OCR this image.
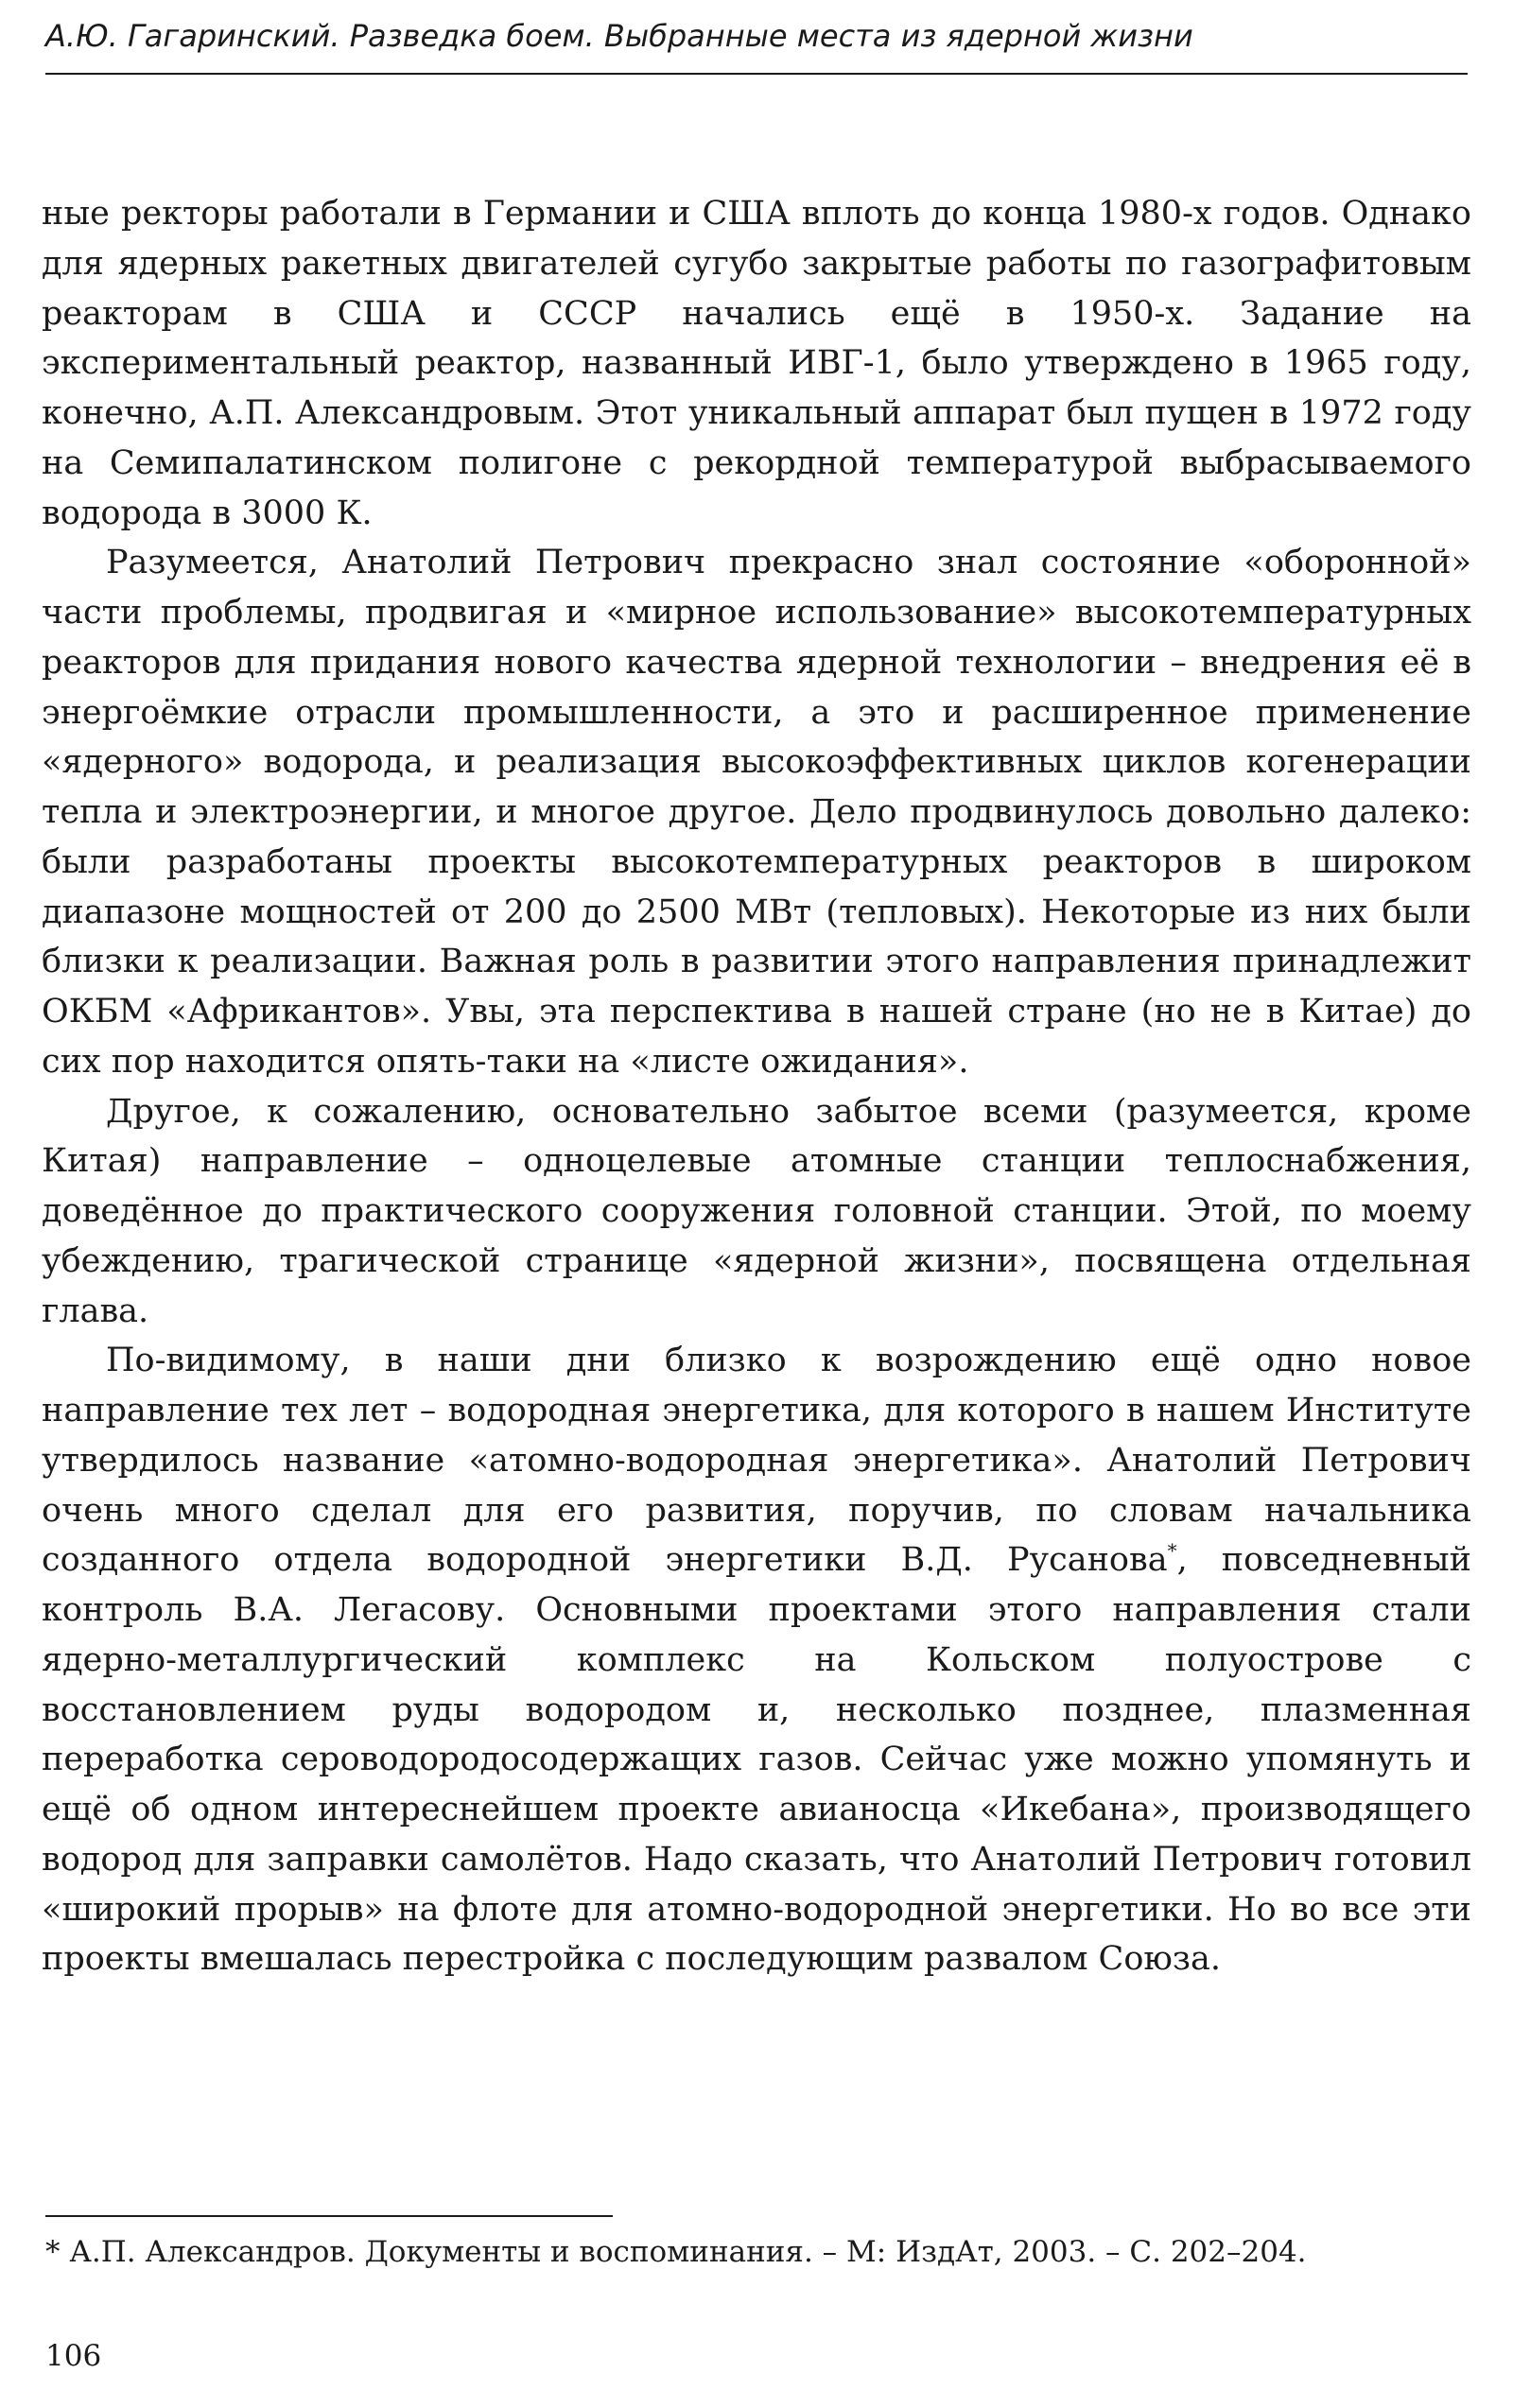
А.Ю. Гагаринский. Разведка боем. Выбранные места из ядерной жизни

ные ректоры работали в Германии и США вплоть до конца 1980-х годов. Однако для ядерных ракетных двигателей сугубо закрытые работы по газографитовым реакторам в США и СССР начались ещё в 1950-х. Задание на экспериментальный реактор, названный ИВГ-1, было утверждено в 1965 году, конечно, А.П. Александровым. Этот уникальный аппарат был пущен в 1972 году на Семипалатинском полигоне с рекордной температурой выбрасываемого водорода в 3000 К.

Разумеется, Анатолий Петрович прекрасно знал состояние «оборонной» части проблемы, продвигая и «мирное использование» высокотемпературных реакторов для придания нового качества ядерной технологии – внедрения её в энергоёмкие отрасли промышленности, а это и расширенное применение «ядерного» водорода, и реализация высокоэффективных циклов когенерации тепла и электроэнергии, и многое другое. Дело продвинулось довольно далеко: были разработаны проекты высокотемпературных реакторов в широком диапазоне мощностей от 200 до 2500 МВт (тепловых). Некоторые из них были близки к реализации. Важная роль в развитии этого направления принадлежит ОКБМ «Африкантов». Увы, эта перспектива в нашей стране (но не в Китае) до сих пор находится опять-таки на «листе ожидания».

Другое, к сожалению, основательно забытое всеми (разумеется, кроме Китая) направление – одноцелевые атомные станции теплоснабжения, доведённое до практического сооружения головной станции. Этой, по моему убеждению, трагической странице «ядерной жизни», посвящена отдельная глава.

По-видимому, в наши дни близко к возрождению ещё одно новое направление тех лет – водородная энергетика, для которого в нашем Институте утвердилось название «атомно-водородная энергетика». Анатолий Петрович очень много сделал для его развития, поручив, по словам начальника созданного отдела водородной энергетики В.Д. Русанова*, повседневный контроль В.А. Легасову. Основными проектами этого направления стали ядерно-металлургический комплекс на Кольском полуострове с восстановлением руды водородом и, несколько позднее, плазменная переработка сероводородосодержащих газов. Сейчас уже можно упомянуть и ещё об одном интереснейшем проекте авианосца «Икебана», производящего водород для заправки самолётов. Надо сказать, что Анатолий Петрович готовил «широкий прорыв» на флоте для атомно-водородной энергетики. Но во все эти проекты вмешалась перестройка с последующим развалом Союза.

* А.П. Александров. Документы и воспоминания. – М: ИздАт, 2003. – С. 202–204.
106
